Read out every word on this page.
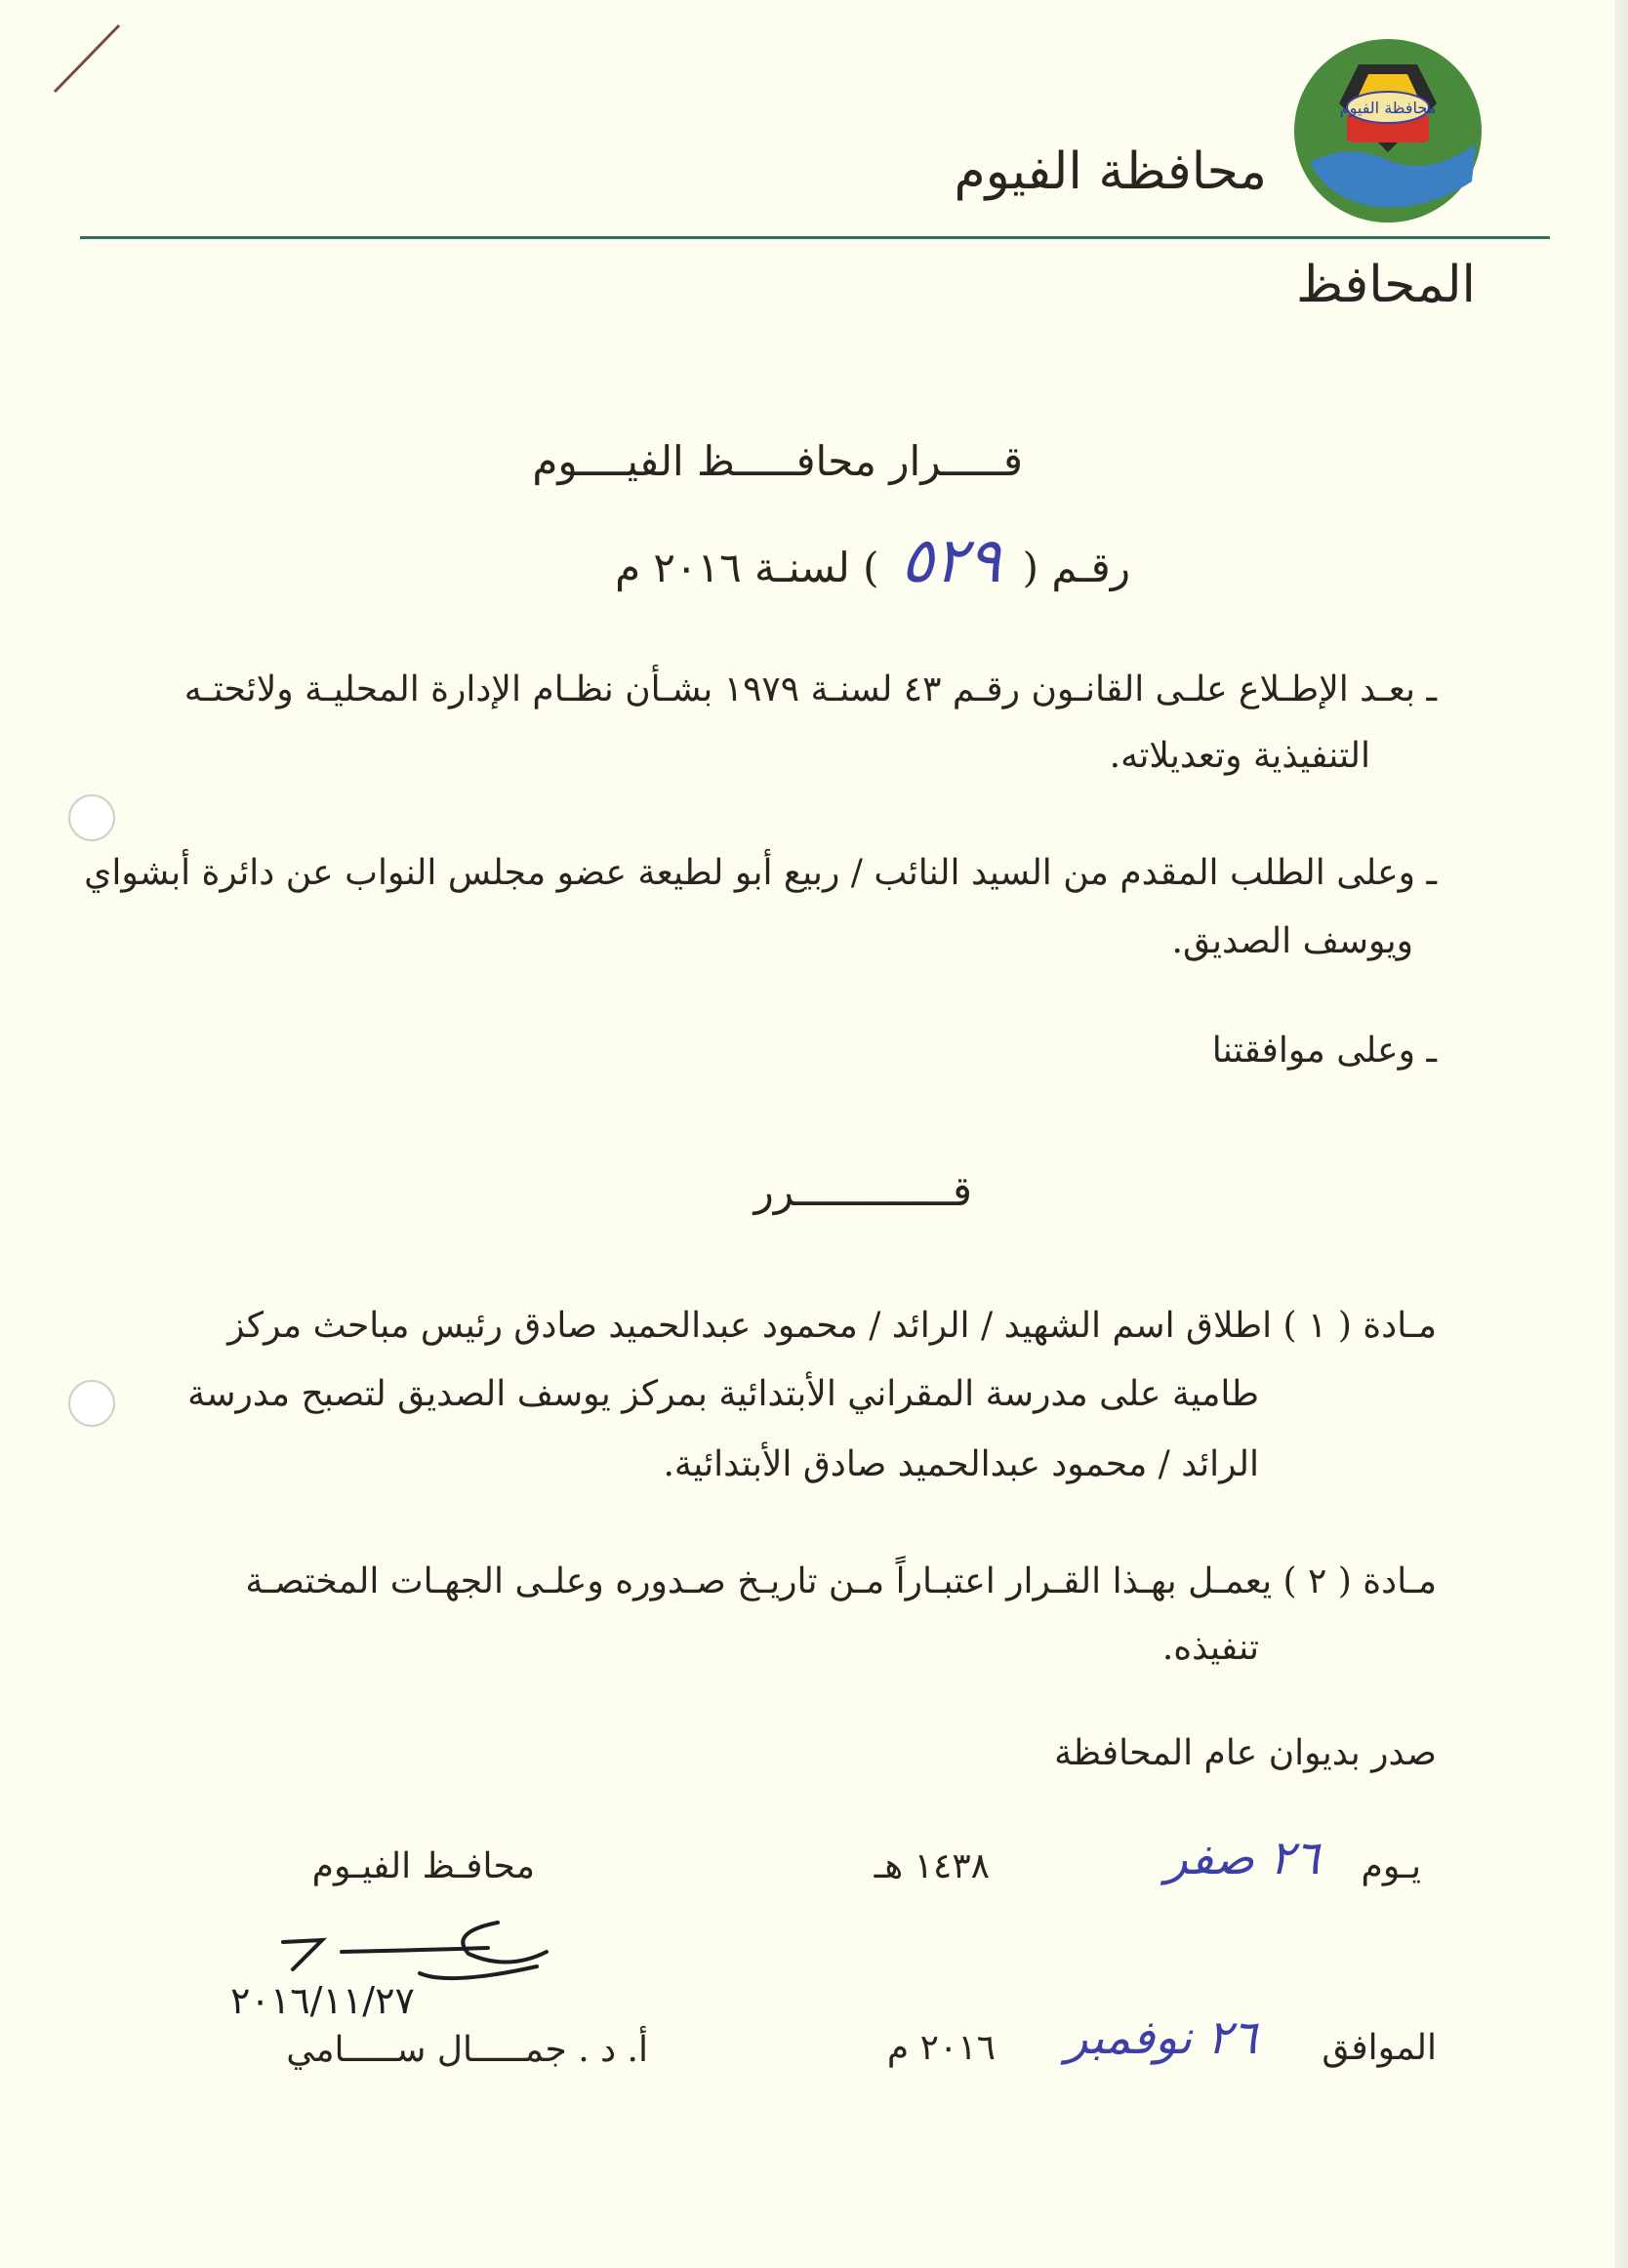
محافظة الفيوم
محافظة الفيوم
المحافظ
قـــــرار محافـــــظ الفيــــوم
رقـم (
٥٢٩
) لسنـة ٢٠١٦ م
ـ بعـد الإطـلاع علـى القانـون رقـم ٤٣ لسنـة ١٩٧٩ بشـأن نظـام الإدارة المحليـة ولائحتـه
التنفيذية وتعديلاته.
ـ وعلى الطلب المقدم من السيد النائب / ربيع أبو لطيعة عضو مجلس النواب عن دائرة أبشواي
ويوسف الصديق.
ـ وعلى موافقتنا
قـــــــــــــرر
مـادة ( ١ ) اطلاق اسم الشهيد / الرائد / محمود عبدالحميد صادق رئيس مباحث مركز
طامية على مدرسة المقراني الأبتدائية بمركز يوسف الصديق لتصبح مدرسة
الرائد / محمود عبدالحميد صادق الأبتدائية.
مـادة ( ٢ ) يعمـل بهـذا القـرار اعتبـاراً مـن تاريـخ صـدوره وعلـى الجهـات المختصـة
تنفيذه.
صدر بديوان عام المحافظة
يـوم
٢٦ صفر
١٤٣٨ هـ
الموافق
٢٦ نوفمبر
٢٠١٦ م
محافـظ الفيـوم
٢٠١٦/١١/٢٧
أ. د . جمـــــال ســـــامي
